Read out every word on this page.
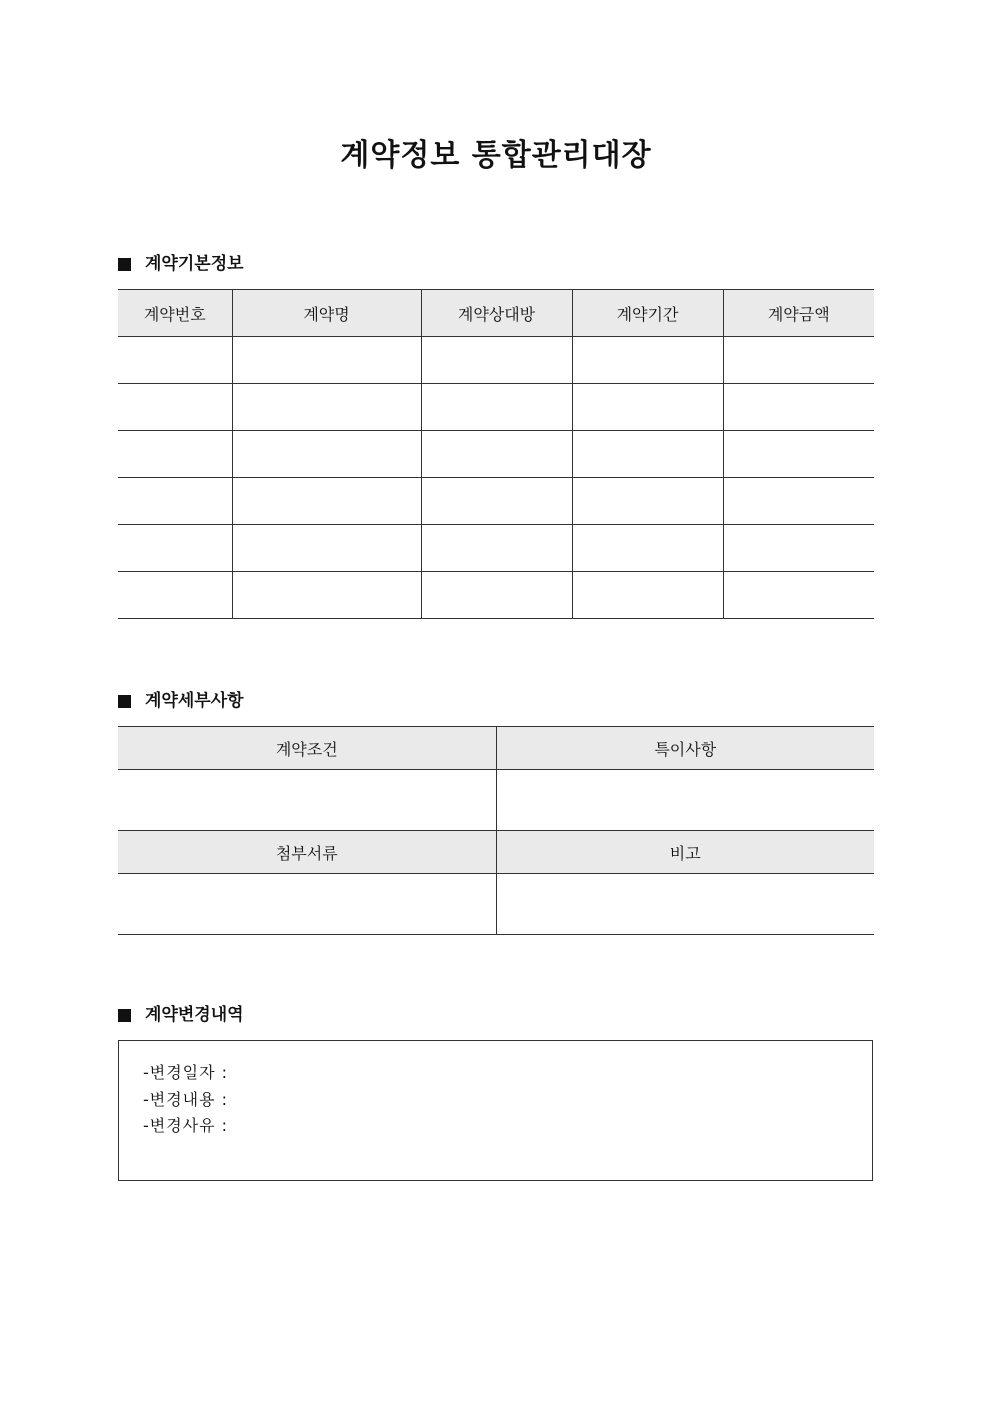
계약정보 통합관리대장
계약기본정보
계약번호	계약명	계약상대방	계약기간	계약금액

계약세부사항
계약조건	특이사항

첨부서류	비고

계약변경내역
-변경일자 :
-변경내용 :
-변경사유 :
